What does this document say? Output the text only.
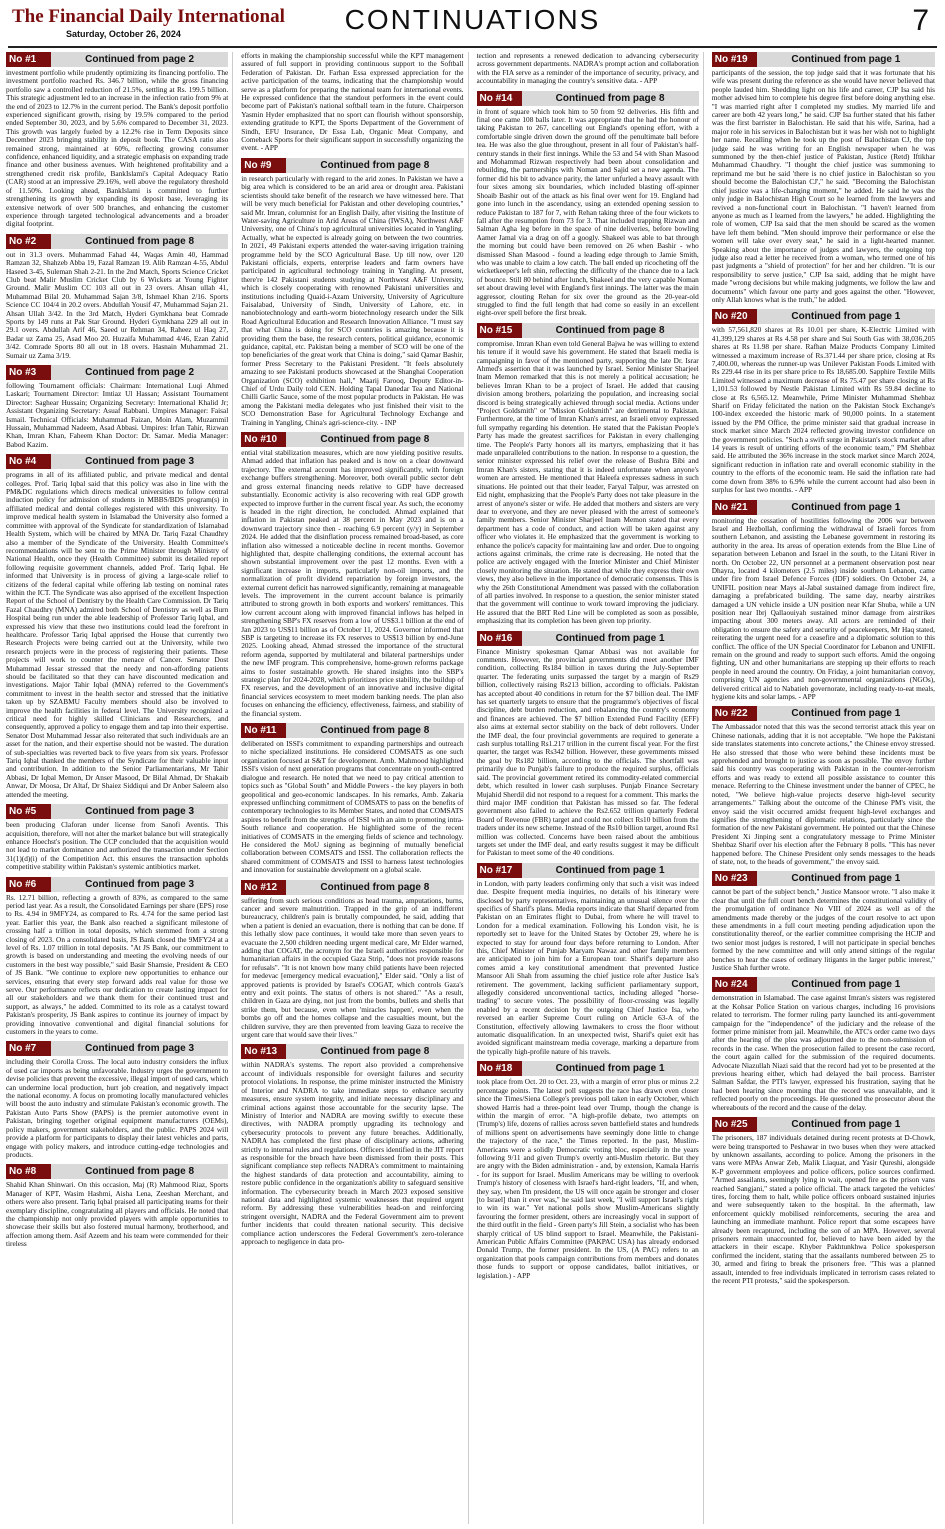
The Financial Daily International
Saturday, October 26, 2024	CONTINUATIONS	7
No #1	Continued from page 2

investment portfolio while prudently optimizing its financing portfolio. The investment portfolio reached Rs. 346.7 billion, while the gross financing portfolio saw a controlled reduction of 21.5%, settling at Rs. 199.5 billion. This strategic adjustment led to an increase in the infection ratio from 9% at the end of 2023 to 12.7% in the current period. The Bank's deposit portfolio experienced significant growth, rising by 19.5% compared to the period ended September 30, 2023, and by 5.6% compared to December 31, 2023. This growth was largely fueled by a 12.2% rise in Term Deposits since December 2023 bringing stability in deposit book. The CASA ratio also remained strong, maintained at 60%, reflecting growing consumer confidence, enhanced liquidity, and a strategic emphasis on expanding trade finance and other business avenues. With heightened profitability and a strengthened credit risk profile, BankIslami's Capital Adequacy Ratio (CAR) stood at an impressive 29.16%, well above the regulatory threshold of 11.50%. Looking ahead, BankIslami is committed to further strengthening its growth by expanding its deposit base, leveraging its extensive network of over 500 branches, and enhancing the customer experience through targeted technological advancements and a broader digital footprint.

No #2	Continued from page 8

out in 31.3 overs. Muhammad Fahad 44, Waqas Amin 40, Hammad Ramzan 32, Shahzeb Abba 19, Fazal Ramzan 19. Alib Ramzan 4-55, Abdul Haseed 3-45, Suleman Shah 2-21. In the 2nd Match, Sports Science Cricket Club beat Malir Muslim Cricket Club by 6 Wickets at Young Fighter Ground. Malir Muslim CC 103 all out in 23 overs. Ahsan ullah 41, Muhammad Bilal 20. Muhammad Sajan 3/8, Ishmael Khan 2/16. Sports Science CC 104/4 in 20.2 overs. Abdullah Yousif 47, Muhammad Sajan 21. Ahsan Ullah 3/42. In the 3rd Match, Hyderi Gymkhana beat Comrade Sports by 149 runs at Pak Star Ground. Hyderi Gymkhana 229 all out in 29.1 overs. Abdullah Arif 46, Saeed ur Rehman 34, Raheez ul Haq 27, Badar uz Zama 25, Asad Moo 20. Huzaifa Muhammad 4/46, Ezan Zahid 3/42. Comrade Sports 80 all out in 18 overs. Hasnain Muhammad 21. Sumair uz Zama 3/19.

No #3	Continued from page 2

following Tournament officials: Chairman: International Luqi Ahmed Laskari; Tournament Director: Imtiaz Ul Hassan; Assistant Tournament Director: Saghear Hussain; Organizing Secretary: International Khalid Jr; Assistant Organizing Secretary: Asuaf Rabbani. Umpires Manager: Faisal Ismail. Technical Officials: Muhammad Faizan, Moin Alam, Muzammil Hussain, Muhammad Nadeem, Asad Abbasi. Umpires: Irfan Tahir, Rizwan Khan, Imran Khan, Faheem Khan Doctor: Dr. Samar. Media Manager: Babod Kazim.

No #4	Continued from page 3

programs in all of its affiliated public, and private medical and dental colleges. Prof. Tariq Iqbal said that this policy was also in line with the PM&DC regulations which directs medical universities to follow central induction policy for admission of students in MBBS/BDS program(s) in affiliated medical and dental colleges registered with this university. To improve medical health system in Islamabad the University also formed a committee with approval of the Syndicate for standardization of Islamabad Health System, which will be chaired by MNA Dr. Tariq Fazal Chaudhry also a member of the Syndicate of the University. Health Committee's recommendations will be sent to the Prime Minister through Ministry of National Health, once they (Health Committee) submit its detailed report following requisite government channels, added Prof. Tariq Iqbal. He informed that University is in process of giving a large-scale relief to citizens of the federal capital while offering lab testing on nominal rates within the ICT. The Syndicate was also apprised of the excellent Inspection Report of the School of Dentistry by the Health Care Commission. Dr Tariq Fazal Chaudhry (MNA) admired both School of Dentistry as well as Burn Hospital being run under the able leadership of Professor Tariq Iqbal, and expressed his view that these two institutions could lead the forefront in healthcare. Professor Tariq Iqbal apprised the House that currently two Research Projects were being carried out at the University, while two research projects were in the process of registering their patients. These projects will work to counter the menace of Cancer. Senator Dost Muhammad Jessar stressed that the needy and non-affording patients should be facilitated so that they can have discounted medication and investigations. Major Tahir Iqbal (MNA) referred to the Government's commitment to invest in the health sector and stressed that the initiative taken up by SZABMU Faculty members should also be involved to improve the health facilities in federal level. The University recognized a critical need for highly skilled Clinicians and Researchers, and consequently, approved a policy to engage them and tap into their expertise. Senator Dost Muhammad Jessar also reiterated that such individuals are an asset for the nation, and their expertise should not be wasted. The duration of sub-specialties was reverted back to five years from six years. Professor Tariq Iqbal thanked the members of the Syndicate for their valuable input and contribution. In addition to the Senior Parliamentarians, Mr Tahir Abbasi, Dr Iqbal Memon, Dr Anser Masood, Dr Bilal Ahmad, Dr Shakaib Anwar, Dr Moosa, Dr Altaf, Dr Shaiez Siddiqui and Dr Anber Saleem also attended the meeting.

No #5	Continued from page 3

been producing Claforan under license from Sanofi Aventis. This acquisition, therefore, will not alter the market balance but will strategically enhance Hoechst's position. The CCP concluded that the acquisition would not lead to market dominance and authorized the transaction under Section 31(1)(d)(i) of the Competition Act. this ensures the transaction upholds competitive stability within Pakistan's systemic antibiotics market.

No #6	Continued from page 3

Rs. 12.71 billion, reflecting a growth of 83%, as compared to the same period last year. As a result, the Consolidated Earnings per share (EPS) rose to Rs. 4.94 in 9MFY24, as compared to Rs. 4.74 for the same period last year. Earlier this year, the Bank also reached a significant milestone of crossing half a trillion in total deposits, which stemmed from a strong closing of 2023. On a consolidated basis, JS Bank closed the 9MFY24 at a level of Rs. 1.07 trillion in total deposits. "At JS Bank, our commitment to growth is based on understanding and meeting the evolving needs of our customers in the best way possible," said Basir Shamsie, President & CEO of JS Bank. "We continue to explore new opportunities to enhance our services, ensuring that every step forward adds real value for those we serve. Our performance reflects our dedication to create lasting impact for all our stakeholders and we thank them for their continued trust and support, as always," he added. Committed to its role as a catalyst toward Pakistan's prosperity, JS Bank aspires to continue its journey of impact by providing innovative conventional and digital financial solutions for customers in the years to come.

No #7	Continued from page 3

including their Corolla Cross. The local auto industry considers the influx of used car imports as being unfavorable. Industry urges the government to devise policies that prevent the excessive, illegal import of used cars, which can undermine local production, hurt job creation, and negatively impact the national economy. A focus on promoting locally manufactured vehicles will boost the auto industry and stimulate Pakistan's economic growth. The Pakistan Auto Parts Show (PAPS) is the premier automotive event in Pakistan, bringing together original equipment manufacturers (OEMs), policy makers, government stakeholders, and the public. PAPS 2024 will provide a platform for participants to display their latest vehicles and parts, engage with policy makers, and introduce cutting-edge technologies and products.

No #8	Continued from page 8

Shahid Khan Shinwari. On this occasion, Maj (R) Mahmood Riaz, Sports Manager of KPT, Wasim Hashmi, Aisha Lena, Zeeshan Merchant, and others were also present. Tariq Iqbal praised all participating teams for their exemplary discipline, congratulating all players and officials. He noted that the championship not only provided players with ample opportunities to showcase their skills but also fostered mutual harmony, brotherhood, and affection among them. Asif Azeem and his team were commended for their tireless

efforts in making the championship successful while the KPT management assured of full support in providing continuous support to the Softball Federation of Pakistan. Dr. Farhan Essa expressed appreciation for the active participation of the teams, indicating that the championship would serve as a platform for preparing the national team for international events. He expressed confidence that the standout performers in the event could become part of Pakistan's national softball team in the future. Chairperson Yasmin Hyder emphasized that no sport can flourish without sponsorship, extending gratitude to KPT, the Sports Department of the Government of Sindh, EFU Insurance, Dr Essa Lab, Organic Meat Company, and Comeback Sports for their significant support in successfully organizing the event. - APP

No #9	Continued from page 8

in research particularly with regard to the arid zones. In Pakistan we have a big area which is considered to be an arid area or drought area. Pakistani scientists should take benefit of the research we have witnessed here. That will be very much beneficial for Pakistan and other developing countries," said Mr. Imran, columnist for an English Daily, after visiting the Institute of Water-saving Agriculture in Arid Areas of China (IWSA), Northwest A&F University, one of China's top agricultural universities located in Yangling. Actually, what he expected is already going on between the two countries. In 2021, 49 Pakistani experts attended the water-saving irrigation training programme held by the SCO Agricultural Base. Up till now, over 120 Pakistani officials, experts, enterprise leaders and farm owners have participated in agricultural technology training in Yangling. At present, there're 142 Pakistani students studying at Northwest A&F University, which is closely cooperating with renowned Pakistani universities and institutions including Quaid-i-Azam University, University of Agriculture Faisalabad, University of Sindh, University of Lahore, etc. in nanobiotechnology and earth-worm biotechnology research under the Silk Road Agricultural Education and Research Innovation Alliance. "I must say that what China is doing for SCO countries is amazing because it is providing them the base, the research centers, political guidance, economic guidance, capital, etc. Pakistan being a member of SCO will be one of the top beneficiaries of the great work that China is doing," said Qamar Bashir, former Press Secretary to the Pakistani President. "It feels absolutely amazing to see Pakistani products showcased at the Shanghai Cooperation Organization (SCO) exhibition hall," Maarij Farooq, Deputy Editor-in-Chief of Urdu Daily told CEN. Holding Tapal Danedar Tea and National Chilli Garlic Sauce, some of the most popular products in Pakistan. He was among the Pakistani media delegates who just finished their visit to the SCO Demonstration Base for Agricultural Technology Exchange and Training in Yangling, China's agri-science-city. - INP

No #10	Continued from page 8

ential vital stabilization measures, which are now yielding positive results. Ahmad added that inflation has peaked and is now on a clear downward trajectory. The external account has improved significantly, with foreign exchange buffers strengthening. Moreover, both overall public sector debt and gross external financing needs relative to GDP have decreased substantially. Economic activity is also recovering with real GDP growth expected to improve further in the current fiscal year. As such, the economy is headed in the right direction, he concluded. Ahmad explained that inflation in Pakistan peaked at 38 percent in May 2023 and is on a downward trajectory since then - reaching 6.9 percent (y/y) in September 2024. He added that the disinflation process remained broad-based, as core inflation also witnessed a noticeable decline in recent months. Governor highlighted that, despite challenging conditions, the external account has shown substantial improvement over the past 12 months. Even with a significant increase in imports, particularly non-oil imports, and the normalization of profit dividend repatriation by foreign investors, the external current deficit has narrowed significantly, remaining at manageable levels. The improvement in the current account balance is primarily attributed to strong growth in both exports and workers' remittances. This low current account along with improved financial inflows has helped in strengthening SBP's FX reserves from a low of US$3.1 billion at the end of Jan 2023 to US$11 billion as of October 11, 2024. Governor informed that SBP is targeting to increase its FX reserves to US$13 billion by end-June 2025. Looking ahead, Ahmad stressed the importance of the structural reform agenda, supported by multilateral and bilateral partnerships under the new IMF program. This comprehensive, home-grown reforms package aims to foster sustainable growth. He shared insights into the SBP's strategic plan for 2024-2028, which prioritizes price stability, the buildup of FX reserves, and the development of an innovative and inclusive digital financial services ecosystem to meet modern banking needs. The plan also focuses on enhancing the efficiency, effectiveness, fairness, and stability of the financial system.

No #11	Continued from page 8

deliberated on ISSI's commitment to expanding partnerships and outreach to niche specialized institutions. He considered COMSATS as one such organization focused at S&T for development. Amb. Mahmood highlighted ISSI's vision of next generation programs that concentrate on youth-centred dialogue and research. He noted that we need to pay critical attention to topics such as "Global South" and Middle Powers - the key players in both geopolitical and geo-economic landscapes. In his remarks, Amb. Zakaria expressed unflinching commitment of COMSATS to pass on the benefits of contemporary technologies to its Member States, and noted that COMSATS aspires to benefit from the strengths of ISSI with an aim to promoting intra-South reliance and cooperation. He highlighted some of the recent initiatives of COMSATS in the emerging fields of science and technology. He considered the MoU signing as beginning of mutually beneficial collaboration between COMSATS and ISSI. The collaboration reflects the shared commitment of COMSATS and ISSI to harness latest technologies and innovation for sustainable development on a global scale.

No #12	Continued from page 8

suffering from such serious conditions as head trauma, amputations, burns, cancer and severe malnutrition. Trapped in the grip of an indifferent bureaucracy, children's pain is brutally compounded, he said, adding that when a patient is denied an evacuation, there is nothing that can be done. If this lethally slow pace continues, it would take more than seven years to evacuate the 2,500 children needing urgent medical care, Mr Elder warned, adding that COGAT, the acronym for the Israeli authorities responsible for humanitarian affairs in the occupied Gaza Strip, "does not provide reasons for refusals". "It is not known how many child patients have been rejected for medevac [emergency medical evacuation]," Elder said. "Only a list of approved patients is provided by Israel's COGAT, which controls Gaza's entry and exit points. The status of others is not shared." "As a result, children in Gaza are dying, not just from the bombs, bullets and shells that strike them, but because, even when 'miracles happen', even when the bombs go off and the homes collapse and the casualties mount, but the children survive, they are then prevented from leaving Gaza to receive the urgent care that would save their lives."

No #13	Continued from page 8

within NADRA's systems. The report also provided a comprehensive account of individuals responsible for oversight failures and security protocol violations. In response, the prime minister instructed the Ministry of Interior and NADRA to take immediate steps to enhance security measures, ensure system integrity, and initiate necessary disciplinary and criminal actions against those accountable for the security lapse. The Ministry of Interior and NADRA are moving swiftly to execute these directives, with NADRA promptly upgrading its technology and cybersecurity protocols to prevent any future breaches. Additionally, NADRA has completed the first phase of disciplinary actions, adhering strictly to internal rules and regulations. Officers identified in the JIT report as responsible for the breach have been dismissed from their posts. This significant compliance step reflects NADRA's commitment to maintaining the highest standards of data protection and accountability, aiming to restore public confidence in the organization's ability to safeguard sensitive information. The cybersecurity breach in March 2023 exposed sensitive national data and highlighted systemic weaknesses that required urgent reform. By addressing these vulnerabilities head-on and reinforcing stringent oversight, NADRA and the Federal Government aim to prevent further incidents that could threaten national security. This decisive compliance action underscores the Federal Government's zero-tolerance approach to negligence in data pro-

tection and represents a renewed dedication to advancing cybersecurity across government departments. NADRA's prompt action and collaboration with the FIA serve as a reminder of the importance of security, privacy, and accountability in managing the country's sensitive data. - APP

No #14	Continued from page 8

in front of square which took him to 50 from 92 deliveries. His fifth and final one came 108 balls later. It was appropriate that he had the honour of taking Pakistan to 267, cancelling out England's opening effort, with a comfortable single driven down the ground off the penultimate ball before tea. He was also the glue throughout, present in all four of Pakistan's half-century stands in their first innings. While the 53 and 54 with Shan Masood and Mohammad Rizwan respectively had been about consolidation and rebuilding, the partnerships with Noman and Sajid set a new agenda. The former did his bit to advance parity, the latter unfurled a heavy assault with four sixes among six boundaries, which included blasting off-spinner Shoaib Bashir out of the attack as his final over went for 19. England had gone into lunch in the ascendancy, using an extended opening session to reduce Pakistan to 187 for 7, with Rehan taking three of the four wickets to fall after the resumption from 73 for 3. That included trapping Rizwan and Salman Agha leg before in the space of nine deliveries, before bowling Aamer Jamal via a drag on off a googly. Shakeel was able to bat through the morning but could have been removed on 26 when Bashir - who dismissed Shan Masood - found a leading edge through to Jamie Smith, who was unable to claim a low catch. The ball ended up ricocheting off the wicketkeeper's left shin, reflecting the difficulty of the chance due to a lack of bounce. Still 80 behind after lunch, Shakeel and the very capable Noman set about drawing level with England's first innings. The latter was the main aggressor, clouting Rehan for six over the ground as the 20-year-old struggled to find the full length that had come so easily in an excellent eight-over spell before the first break.

No #15	Continued from page 8

compromise. Imran Khan even told General Bajwa he was willing to extend his tenure if it would save his government. He stated that Israeli media is campaigning in favor of the mentioned party, supporting the late Dr. Israr Ahmed's assertion that it was launched by Israel. Senior Minister Sharjeel Inam Memon remarked that this is not merely a political accusation; he believes Imran Khan to be a project of Israel. He added that causing division among brothers, polarizing the population, and increasing social discord is being strategically achieved through social media. Actions under "Project Goldsmith" or "Mission Goldsmith" are detrimental to Pakistan. Furthermore, at the time of Imran Khan's arrest, an Israeli envoy expressed full sympathy regarding his detention. He stated that the Pakistan People's Party has made the greatest sacrifices for Pakistan in every challenging time. The People's Party honors all its martyrs, emphasizing that it has made unparalleled contributions to the nation. In response to a question, the senior minister expressed his relief over the release of Bushra Bibi and Imran Khan's sisters, stating that it is indeed unfortunate when anyone's women are arrested. He mentioned that Haleefa expresses sadness in such situations. He pointed out that their leader, Faryal Talpur, was arrested on Eid night, emphasizing that the People's Party does not take pleasure in the arrest of anyone's sister or wife. He added that mothers and sisters are very dear to everyone, and they are never pleased with the arrest of someone's family members. Senior Minister Sharjeel Inam Memon stated that every department has a code of conduct, and action will be taken against any officer who violates it. He emphasized that the government is working to enhance the police's capacity for maintaining law and order. Due to ongoing actions against criminals, the crime rate is decreasing. He noted that the police are actively engaged with the Interior Minister and Chief Minister closely monitoring the situation. He stated that while they express their own views, they also believe in the importance of democratic consensus. This is why the 26th Constitutional Amendment was passed with the collaboration of all parties involved. In response to a question, the senior minister stated that the government will continue to work toward improving the judiciary. He assured that the BRT Red Line will be completed as soon as possible, emphasizing that its completion has been given top priority.

No #16	Continued from page 1

Finance Ministry spokesman Qamar Abbasi was not available for comments. However, the provincial governments did meet another IMF condition, collecting Rs184 billion in taxes during the July-September quarter. The federating units surpassed the target by a margin of Rs29 billion, collectively raising Rs213 billion, according to officials. Pakistan has accepted about 40 conditions in return for the $7 billion deal. The IMF has set quarterly targets to ensure that the programme's objectives of fiscal discipline, debt burden reduction, and rebalancing the country's economy and finances are achieved. The $7 billion Extended Fund Facility (EFF) also aims at external sector stability on the back of debt rollovers. Under the IMF deal, the four provincial governments are required to generate a cash surplus totalling Rs1.217 trillion in the current fiscal year. For the first quarter, the target was Rs342 billion. However, these governments missed the goal by Rs182 billion, according to the officials. The shortfall was primarily due to Punjab's failure to produce the required surplus, officials said. The provincial government retired its commodity-related commercial debt, which resulted in lower cash surpluses. Punjab Finance Secretary Mujahid Sherdil did not respond to a request for a comment. This marks the third major IMF condition that Pakistan has missed so far. The federal government also failed to achieve the Rs2.652 trillion quarterly Federal Board of Revenue (FBR) target and could not collect Rs10 billion from the traders under its new scheme. Instead of the Rs10 billion target, around Rs1 million was collected. Concerns have been raised about the ambitious targets set under the IMF deal, and early results suggest it may be difficult for Pakistan to meet some of the 40 conditions.

No #17	Continued from page 1

in London, with party leaders confirming only that such a visit was indeed due. Despite frequent media inquiries, no details of his itinerary were disclosed by party representatives, maintaining an unusual silence over the specifics of Sharif's plans. Media reports indicate that Sharif departed from Pakistan on an Emirates flight to Dubai, from where he will travel to London for a medical examination. Following his London visit, he is reportedly set to leave for the United States by October 29, where he is expected to stay for around four days before returning to London. After this, Chief Minister of Punjab Maryam Nawaz and other family members are anticipated to join him for a European tour. Sharif's departure also comes amid a key constitutional amendment that prevented Justice Mansoor Ali Shah from assuming the chief justice role after Justice Isa's retirement. The government, lacking sufficient parliamentary support, allegedly considered unconventional tactics, including alleged "horse-trading" to secure votes. The possibility of floor-crossing was legally enabled by a recent decision by the outgoing Chief Justice Isa, who reversed an earlier Supreme Court ruling on Article 63-A of the Constitution, effectively allowing lawmakers to cross the floor without automatic disqualification. In an unexpected twist, Sharif's quiet exit has avoided significant mainstream media coverage, marking a departure from the typically high-profile nature of his travels.

No #18	Continued from page 1

took place from Oct. 20 to Oct. 23, with a margin of error plus or minus 2.2 percentage points. The latest poll suggests the race has drawn even closer since the Times/Siena College's previous poll taken in early October, which showed Harris had a three-point lead over Trump, though the change is within the margin of error. "A high-profile debate, two attempts on (Trump's) life, dozens of rallies across seven battlefield states and hundreds of millions spent on advertisements have seemingly done little to change the trajectory of the race," the Times reported. In the past, Muslim-Americans were a solidly Democratic voting bloc, especially in the years following 9/11 and given Trump's overtly anti-Muslim rhetoric. But they are angry with the Biden administration - and, by extension, Kamala Harris - for its support for Israel. Muslim Americans may be willing to overlook Trump's history of closeness with Israel's hard-right leaders, "If, and when, they say, when I'm president, the US will once again be stronger and closer [to Israel] than it ever was," he said last week, "I will support Israel's right to win its war." Yet national polls show Muslim-Americans slightly favouring the former president, others are increasingly vocal in support of the third outfit in the field - Green party's Jill Stein, a socialist who has been sharply critical of US blind support to Israel. Meanwhile, the Pakistani-American Public Affairs Committee (PAKPAC USA) has already endorsed Donald Trump, the former president. In the US, (A PAC) refers to an organization that pools campaign contributions from members and donates those funds to support or oppose candidates, ballot initiatives, or legislation.) - APP

No #19	Continued from page 1

participants of the session, the top judge said that it was fortunate that his wife was present during the reference as she would have never believed that people lauded him. Shedding light on his life and career, CJP Isa said his mother advised him to complete his degree first before doing anything else. "I was married right after I completed my studies. My married life and career are both 42 years long," he said. CJP Isa further stated that his father was the first barrister in Balochistan. He said that his wife, Sarina, had a major role in his services in Balochistan but it was her wish not to highlight her name. Recalling when he took up the post of Balochistan CJ, the top judge said he was writing for an English newspaper when he was summoned by the then-chief justice of Pakistan, Justice (Retd) Iftikhar Muhammad Chaudhry. "I thought the chief justice was summoning to reprimand me but he said 'there is no chief justice in Balochistan so you should become the Balochistan CJ'," he said. "Becoming the Balochistan chief justice was a life-changing moment," he added. He said he was the only judge in Balochistan High Court so he learned from the lawyers and revived a non-functional court in Balochistan. "I haven't learned from anyone as much as I learned from the lawyers," he added. Highlighting the role of women, CJP Isa said that the men should be scared as the women have left them behind. "Men should improve their performance or else the women will take over every seat," he said in a light-hearted manner. Speaking about the importance of judges and lawyers, the outgoing top judge also read a letter he received from a woman, who termed one of his past judgments a "shield of protection" for her and her children. "It is our responsibility to serve justice," CJP Isa said, adding that he might have made "wrong decisions but while making judgments, we follow the law and documents" which favour one party and goes against the other. "However, only Allah knows what is the truth," he added.

No #20	Continued from page 1

with 57,561,820 shares at Rs 10.01 per share, K-Electric Limited with 41,399,129 shares at Rs 4.58 per share and Sui South Gas with 38,036,205 shares at Rs 11.98 per share. Rafhan Maize Products Company Limited witnessed a maximum increase of Rs.371.44 per share price, closing at Rs 7,400.00, whereas the runner-up was Unilever Pakistan Foods Limited with Rs 229.44 rise in its per share price to Rs 18,685.00. Sapphire Textile Mills Limited witnessed a maximum decrease of Rs 75.47 per share closing at Rs 1,101.53 followed by Nestle Pakistan Limited with Rs 59.84 decline to close at Rs 6,565.12. Meanwhile, Prime Minister Muhammad Shehbaz Sharif on Friday felicitated the nation on the Pakistan Stock Exchange's 100-index exceeded the historic mark of 90,000 points. In a statement issued by the PM Office, the prime minister said that gradual increase in stock market since March 2024 reflected growing investor confidence on the government policies. "Such a swift surge in Pakistan's stock market after 14 years is result of untiring efforts of the economic team," PM Shehbaz said. He attributed the 36% increase in the stock market since March 2024, significant reduction in inflation rate and overall economic stability in the country to the efforts of the economic team. He said the inflation rate had come down from 38% to 6.9% while the current account had also been in surplus for last two months. - APP

No #21	Continued from page 1

monitoring the cessation of hostilities following the 2006 war between Israel and Hezbollah, confirming the withdrawal of Israeli forces from southern Lebanon, and assisting the Lebanese government in restoring its authority in the area. Its areas of operation extends from the Blue Line of separation between Lebanon and Israel in the south, to the Litani River in north. On October 22, UN personnel at a permanent observation post near Dhayra, located 4 kilometers (2.5 miles) inside southern Lebanon, came under fire from Israel Defence Forces (IDF) soldiers. On October 24, a UNIFIL position near Mays al-Jabal sustained damage from indirect fire, damaging a prefabricated building. The same day, nearby airstrikes damaged a UN vehicle inside a UN position near Kfar Shuba, while a UN position near Ibrj Qallaouiyah sustained minor damage from airstrikes impacting about 300 meters away. All actors are reminded of their obligation to ensure the safety and security of peacekeepers, Mr Haq stated, reiterating the urgent need for a ceasefire and a diplomatic solution to this conflict. The office of the UN Special Coordinator for Lebanon and UNIFIL remain on the ground and ready to support such efforts. Amid the ongoing fighting, UN and other humanitarians are stepping up their efforts to reach people in need around the country. On Friday, a joint humanitarian convoy, comprising UN agencies and non-governmental organizations (NGOs), delivered critical aid to Nabatieh governorate, including ready-to-eat meals, hygiene kits and solar lamps. - APP

No #22	Continued from page 1

The Ambassador noted that this was the second terrorist attack this year on Chinese nationals, adding that it is not acceptable. "We hope the Pakistani side translates statements into concrete actions," the Chinese envoy stressed. He also stressed that those who were behind these incidents must be apprehended and brought to justice as soon as possible. The envoy further said his country was cooperating with Pakistan in the counter-terrorism efforts and was ready to extend all possible assistance to counter this menace. Referring to the Chinese investment under the banner of CPEC, he noted, "We believe high-value projects deserve high-level security arrangements." Talking about the outcome of the Chinese PM's visit, the envoy said the visit occurred amidst frequent high-level exchanges and signifies the strengthening of diplomatic relations, particularly since the formation of the new Pakistani government. He pointed out that the Chinese President Xi Jinping sent a congratulatory message to Prime Minister Shehbaz Sharif over his election after the February 8 polls. "This has never happened before. The Chinese President only sends messages to the heads of state, not, to the heads of government," the envoy said.

No #23	Continued from page 1

cannot be part of the subject bench," Justice Mansoor wrote. "I also make it clear that until the full court bench determines the constitutional validity of the promulgation of ordinance No VIII of 2024 as well as of the amendments made thereby or the judges of the court resolve to act upon these amendments in a full court meeting pending adjudication upon the constitutionality thereof, or the earlier committee comprising the HCJP and two senior most judges is restored, I will not participate in special benches formed by the new committee and will only attend sittings of the regular benches to hear the cases of ordinary litigants in the larger public interest," Justice Shah further wrote.

No #24	Continued from page 1

demonstration in Islamabad. The case against Imran's sisters was registered at the Kohsar Police Station on various charges, including 16 provisions related to terrorism. The former ruling party launched its anti-government campaign for the "independence" of the judiciary and the release of the former prime minister from jail. Meanwhile, the ATC's order came two days after the hearing of the plea was adjourned due to the non-submission of records in the case. When the prosecution failed to present the case record, the court again called for the submission of the required documents. Advocate Niazullah Niazi said that the record had yet to be presented at the previous hearing either, which had delayed the bail process. Barrister Salman Safdar, the PTI's lawyer, expressed his frustration, saying that he had been hearing since morning that the record was unavailable, and it reflected poorly on the proceedings. He questioned the prosecutor about the whereabouts of the record and the cause of the delay.

No #25	Continued from page 1

The prisoners, 187 individuals detained during recent protests at D-Chowk, were being transported to Peshawar in two buses when they were attacked by unknown assailants, according to police. Among the prisoners in the vans were MPAs Anwar Zeb, Malik Liaquat, and Yasir Qureshi, alongside K-P government employees and police officers, police sources confirmed. "Armed assailants, seemingly lying in wait, opened fire as the prison vans reached Sangjani," stated a police official. The attack targeted the vehicles' tires, forcing them to halt, while police officers onboard sustained injuries and were subsequently taken to the hospital. In the aftermath, law enforcement quickly mobilised reinforcements, securing the area and launching an immediate manhunt. Police report that some escapees have already been recaptured, including the son of an MPA. However, several prisoners remain unaccounted for, believed to have been aided by the attackers in their escape. Khyber Pakhtunkhwa Police spokesperson confirmed the incident, stating that the assailants numbered between 25 to 30, armed and firing to break the prisoners free. "This was a planned assault, intended to free individuals implicated in terrorism cases related to the recent PTI protests," said the spokesperson.
